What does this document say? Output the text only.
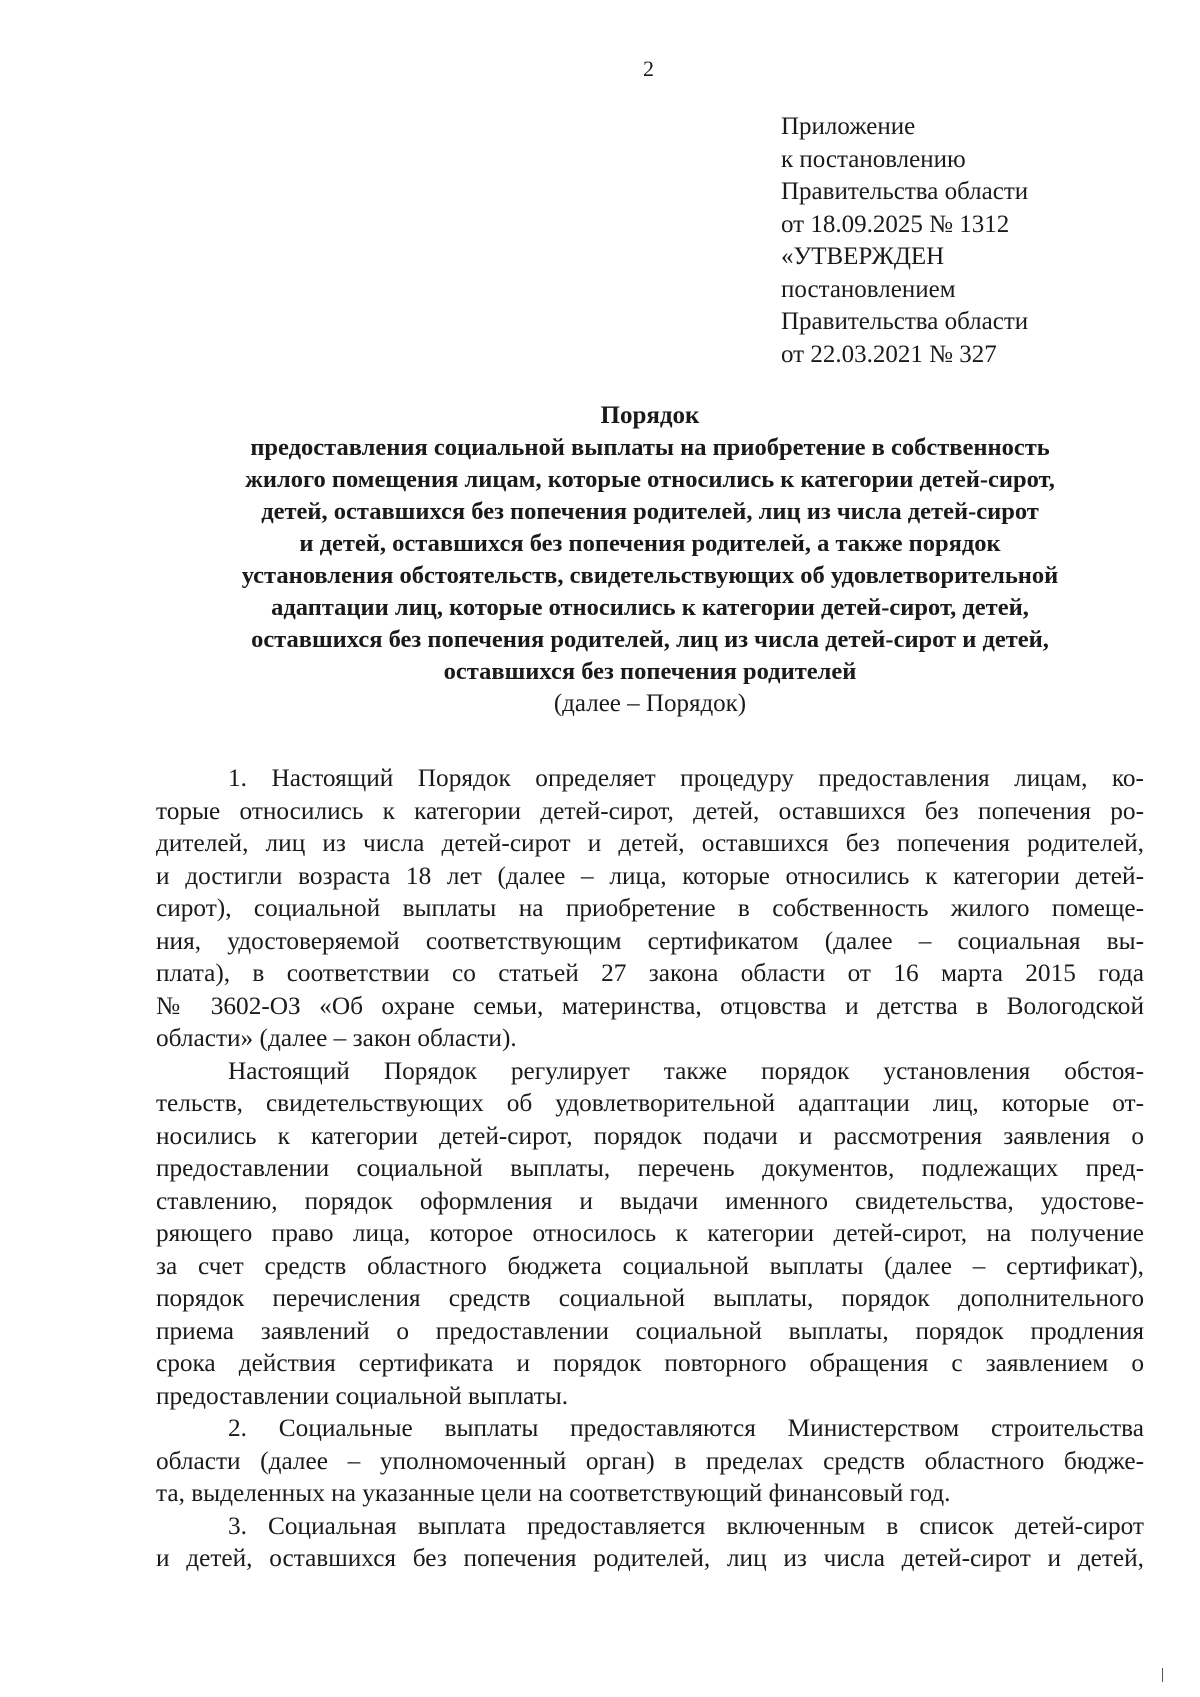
2
Приложение
к постановлению
Правительства области
от 18.09.2025 № 1312
«УТВЕРЖДЕН
постановлением
Правительства области
от 22.03.2021 № 327

Порядок

предоставления социальной выплаты на приобретение в собственность
жилого помещения лицам, которые относились к категории детей-сирот,
детей, оставшихся без попечения родителей, лиц из числа детей-сирот
и детей, оставшихся без попечения родителей, а также порядок
установления обстоятельств, свидетельствующих об удовлетворительной
адаптации лиц, которые относились к категории детей-сирот, детей,
оставшихся без попечения родителей, лиц из числа детей-сирот и детей,
оставшихся без попечения родителей

(далее – Порядок)

1. Настоящий Порядок определяет процедуру предоставления лицам, ко-
торые относились к категории детей-сирот, детей, оставшихся без попечения ро-
дителей, лиц из числа детей-сирот и детей, оставшихся без попечения родителей,
и достигли возраста 18 лет (далее – лица, которые относились к категории детей-
сирот), социальной выплаты на приобретение в собственность жилого помеще-
ния, удостоверяемой соответствующим сертификатом (далее – социальная вы-
плата), в соответствии со статьей 27 закона области от 16 марта 2015 года
№ 3602-ОЗ «Об охране семьи, материнства, отцовства и детства в Вологодской
области» (далее – закон области).
Настоящий Порядок регулирует также порядок установления обстоя-
тельств, свидетельствующих об удовлетворительной адаптации лиц, которые от-
носились к категории детей-сирот, порядок подачи и рассмотрения заявления о
предоставлении социальной выплаты, перечень документов, подлежащих пред-
ставлению, порядок оформления и выдачи именного свидетельства, удостове-
ряющего право лица, которое относилось к категории детей-сирот, на получение
за счет средств областного бюджета социальной выплаты (далее – сертификат),
порядок перечисления средств социальной выплаты, порядок дополнительного
приема заявлений о предоставлении социальной выплаты, порядок продления
срока действия сертификата и порядок повторного обращения с заявлением о
предоставлении социальной выплаты.
2. Социальные выплаты предоставляются Министерством строительства
области (далее – уполномоченный орган) в пределах средств областного бюдже-
та, выделенных на указанные цели на соответствующий финансовый год.
3. Социальная выплата предоставляется включенным в список детей-сирот
и детей, оставшихся без попечения родителей, лиц из числа детей-сирот и детей,
